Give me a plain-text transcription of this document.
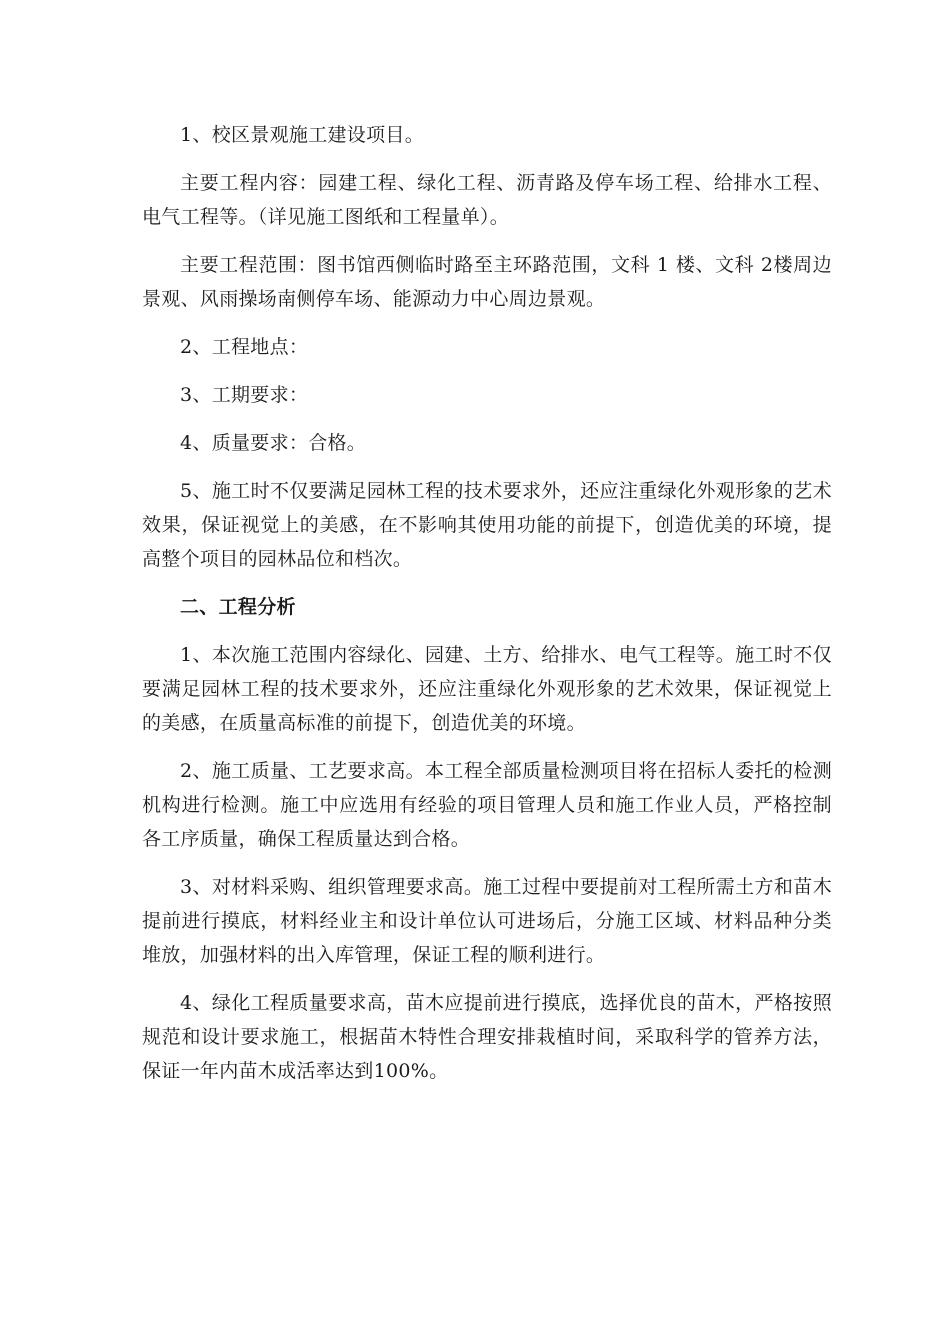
1、校区景观施工建设项目。

主要工程内容：园建工程、绿化工程、沥青路及停车场工程、给排水工程、电气工程等。（详见施工图纸和工程量单）。

主要工程范围：图书馆西侧临时路至主环路范围，文科 1 楼、文科 2楼周边景观、风雨操场南侧停车场、能源动力中心周边景观。

2、工程地点：

3、工期要求：

4、质量要求：合格。

5、施工时不仅要满足园林工程的技术要求外，还应注重绿化外观形象的艺术效果，保证视觉上的美感，在不影响其使用功能的前提下，创造优美的环境，提高整个项目的园林品位和档次。

二、工程分析

1、本次施工范围内容绿化、园建、土方、给排水、电气工程等。施工时不仅要满足园林工程的技术要求外，还应注重绿化外观形象的艺术效果，保证视觉上的美感，在质量高标准的前提下，创造优美的环境。

2、施工质量、工艺要求高。本工程全部质量检测项目将在招标人委托的检测机构进行检测。施工中应选用有经验的项目管理人员和施工作业人员，严格控制各工序质量，确保工程质量达到合格。

3、对材料采购、组织管理要求高。施工过程中要提前对工程所需土方和苗木提前进行摸底，材料经业主和设计单位认可进场后，分施工区域、材料品种分类堆放，加强材料的出入库管理，保证工程的顺利进行。

4、绿化工程质量要求高，苗木应提前进行摸底，选择优良的苗木，严格按照规范和设计要求施工，根据苗木特性合理安排栽植时间，采取科学的管养方法，保证一年内苗木成活率达到100%。
